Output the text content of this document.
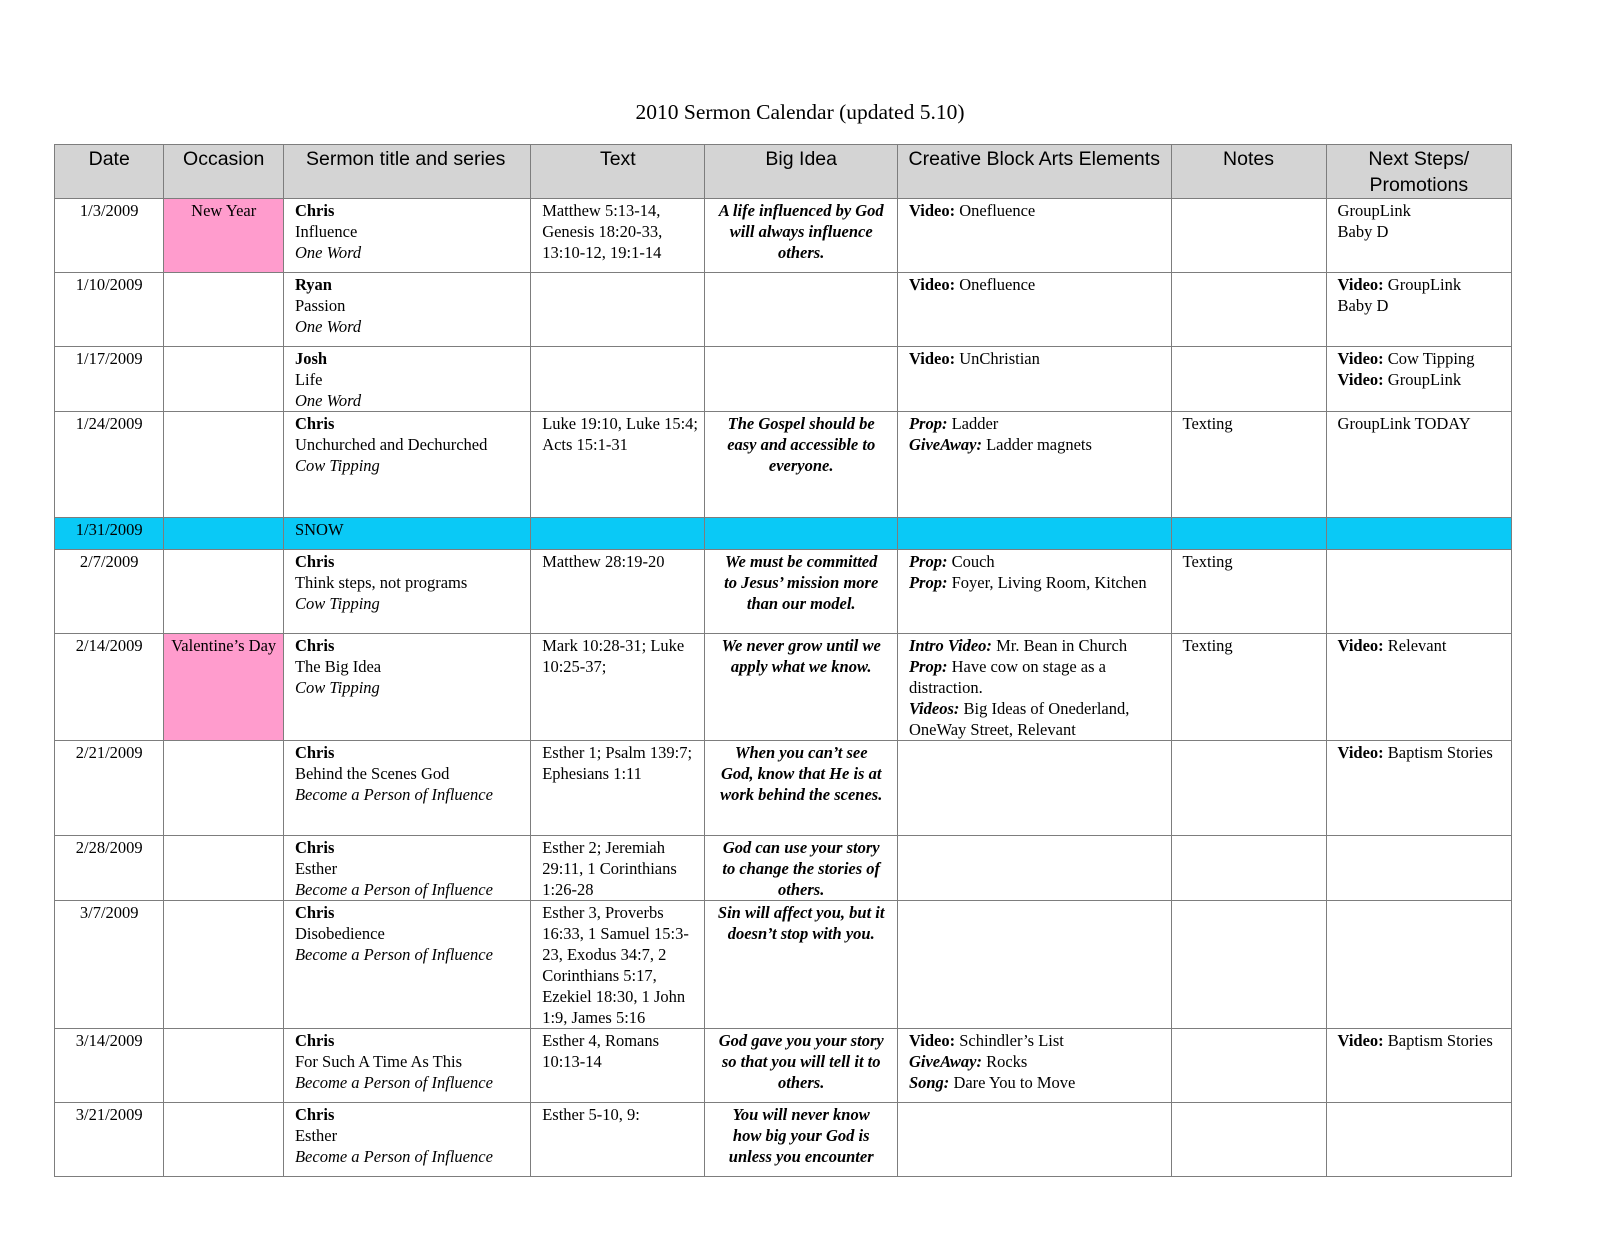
2010 Sermon Calendar (updated 5.10)
Date	Occasion	Sermon title and series	Text	Big Idea	Creative Block Arts Elements	Notes	Next Steps/ Promotions
1/3/2009	New Year	Chris
Influence
One Word	Matthew 5:13-14, Genesis 18:20-33, 13:10-12, 19:1-14	A life influenced by God will always influence others.	Video: Onefluence		GroupLink
Baby D

1/10/2009		Ryan
Passion
One Word			Video: Onefluence		Video: GroupLink
Baby D

1/17/2009		Josh
Life
One Word			Video: UnChristian		Video: Cow Tipping
Video: GroupLink

1/24/2009		Chris
Unchurched and Dechurched
Cow Tipping	Luke 19:10, Luke 15:4; Acts 15:1-31	The Gospel should be easy and accessible to everyone.	Prop: Ladder
GiveAway: Ladder magnets	Texting	GroupLink TODAY

1/31/2009		SNOW					

2/7/2009		Chris
Think steps, not programs
Cow Tipping	Matthew 28:19-20	We must be committed to Jesus’ mission more than our model.	Prop: Couch
Prop: Foyer, Living Room, Kitchen	Texting	
2/14/2009	Valentine’s Day	Chris
The Big Idea
Cow Tipping	Mark 10:28-31; Luke 10:25-37;	We never grow until we apply what we know.	Intro Video: Mr. Bean in Church
Prop: Have cow on stage as a distraction.
Videos: Big Ideas of Onederland, OneWay Street, Relevant	Texting	Video: Relevant

2/21/2009		Chris
Behind the Scenes God
Become a Person of Influence	Esther 1; Psalm 139:7; Ephesians 1:11	When you can’t see God, know that He is at work behind the scenes.			Video: Baptism Stories

2/28/2009		Chris
Esther
Become a Person of Influence	Esther 2; Jeremiah 29:11, 1 Corinthians 1:26-28	God can use your story to change the stories of others.			
3/7/2009		Chris
Disobedience
Become a Person of Influence	Esther 3, Proverbs 16:33, 1 Samuel 15:3-23, Exodus 34:7, 2 Corinthians 5:17, Ezekiel 18:30, 1 John 1:9, James 5:16	Sin will affect you, but it doesn’t stop with you.			
3/14/2009		Chris
For Such A Time As This
Become a Person of Influence	Esther 4, Romans 10:13-14	God gave you your story so that you will tell it to others.	Video: Schindler’s List
GiveAway: Rocks
Song: Dare You to Move		Video: Baptism Stories

3/21/2009		Chris
Esther
Become a Person of Influence	Esther 5-10, 9:	You will never know how big your God is unless you encounter			
